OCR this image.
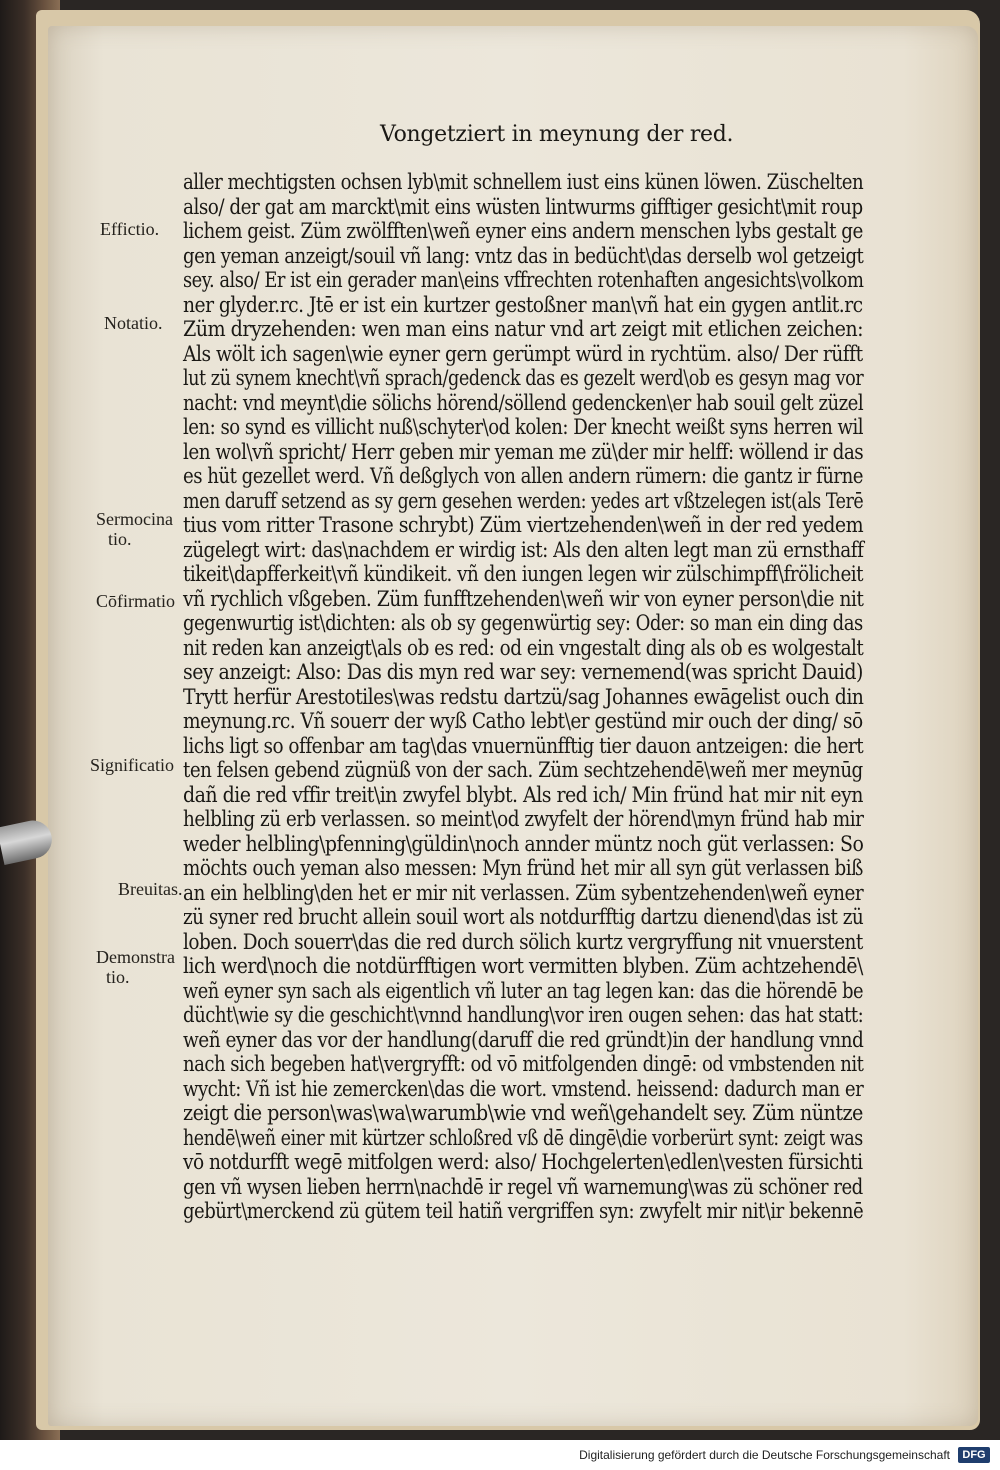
Vongetziert in meynung der red.
Effictio.
Notatio.
Sermocina
tio.
Cōfirmatio
Significatio
Breuitas.
Demonstra
tio.
aller mechtigsten ochsen lyb\mit schnellem iust eins künen löwen. Züschelten
also/ der gat am marckt\mit eins wüsten lintwurms gifftiger gesicht\mit roup
lichem geist. Züm zwölfften\weñ eyner eins andern menschen lybs gestalt ge
gen yeman anzeigt/souil vñ lang: vntz das in bedücht\das derselb wol getzeigt
sey. also/ Er ist ein gerader man\eins vffrechten rotenhaften angesichts\volkom
ner glyder.rc. Jtē er ist ein kurtzer gestoßner man\vñ hat ein gygen antlit.rc
Züm dryzehenden: wen man eins natur vnd art zeigt mit etlichen zeichen:
Als wölt ich sagen\wie eyner gern gerümpt würd in rychtüm. also/ Der rüfft
lut zü synem knecht\vñ sprach/gedenck das es gezelt werd\ob es gesyn mag vor
nacht: vnd meynt\die sölichs hörend/söllend gedencken\er hab souil gelt züzel
len: so synd es villicht nuß\schyter\od kolen: Der knecht weißt syns herren wil
len wol\vñ spricht/ Herr geben mir yeman me zü\der mir helff: wöllend ir das
es hüt gezellet werd. Vñ deßglych von allen andern rümern: die gantz ir fürne
men daruff setzend as sy gern gesehen werden: yedes art vßtzelegen ist(als Terē
tius vom ritter Trasone schrybt) Züm viertzehenden\weñ in der red yedem
zügelegt wirt: das\nachdem er wirdig ist: Als den alten legt man zü ernsthaff
tikeit\dapfferkeit\vñ kündikeit. vñ den iungen legen wir zülschimpff\frölicheit
vñ rychlich vßgeben. Züm funfftzehenden\weñ wir von eyner person\die nit
gegenwurtig ist\dichten: als ob sy gegenwürtig sey: Oder: so man ein ding das
nit reden kan anzeigt\als ob es red: od ein vngestalt ding als ob es wolgestalt
sey anzeigt: Also: Das dis myn red war sey: vernemend(was spricht Dauid)
Trytt herfür Arestotiles\was redstu dartzü/sag Johannes ewāgelist ouch din
meynung.rc. Vñ souerr der wyß Catho lebt\er gestünd mir ouch der ding/ sō
lichs ligt so offenbar am tag\das vnuernünfftig tier dauon antzeigen: die hert
ten felsen gebend zügnüß von der sach. Züm sechtzehendē\weñ mer meynūg
dañ die red vffir treit\in zwyfel blybt. Als red ich/ Min fründ hat mir nit eyn
helbling zü erb verlassen. so meint\od zwyfelt der hörend\myn fründ hab mir
weder helbling\pfenning\güldin\noch annder müntz noch güt verlassen: So
möchts ouch yeman also messen: Myn fründ het mir all syn güt verlassen biß
an ein helbling\den het er mir nit verlassen. Züm sybentzehenden\weñ eyner
zü syner red brucht allein souil wort als notdurfftig dartzu dienend\das ist zü
loben. Doch souerr\das die red durch sölich kurtz vergryffung nit vnuerstent
lich werd\noch die notdürfftigen wort vermitten blyben. Züm achtzehendē\
weñ eyner syn sach als eigentlich vñ luter an tag legen kan: das die hörendē be
dücht\wie sy die geschicht\vnnd handlung\vor iren ougen sehen: das hat statt:
weñ eyner das vor der handlung(daruff die red gründt)in der handlung vnnd
nach sich begeben hat\vergryfft: od vō mitfolgenden dingē: od vmbstenden nit
wycht: Vñ ist hie zemercken\das die wort. vmstend. heissend: dadurch man er
zeigt die person\was\wa\warumb\wie vnd weñ\gehandelt sey. Züm nüntze
hendē\weñ einer mit kürtzer schloßred vß dē dingē\die vorberürt synt: zeigt was
vō notdurfft wegē mitfolgen werd: also/ Hochgelerten\edlen\vesten fürsichti
gen vñ wysen lieben herrn\nachdē ir regel vñ warnemung\was zü schöner red
gebürt\merckend zü gütem teil hatiñ vergriffen syn: zwyfelt mir nit\ir bekennē
Digitalisierung gefördert durch die Deutsche Forschungsgemeinschaft	DFG
